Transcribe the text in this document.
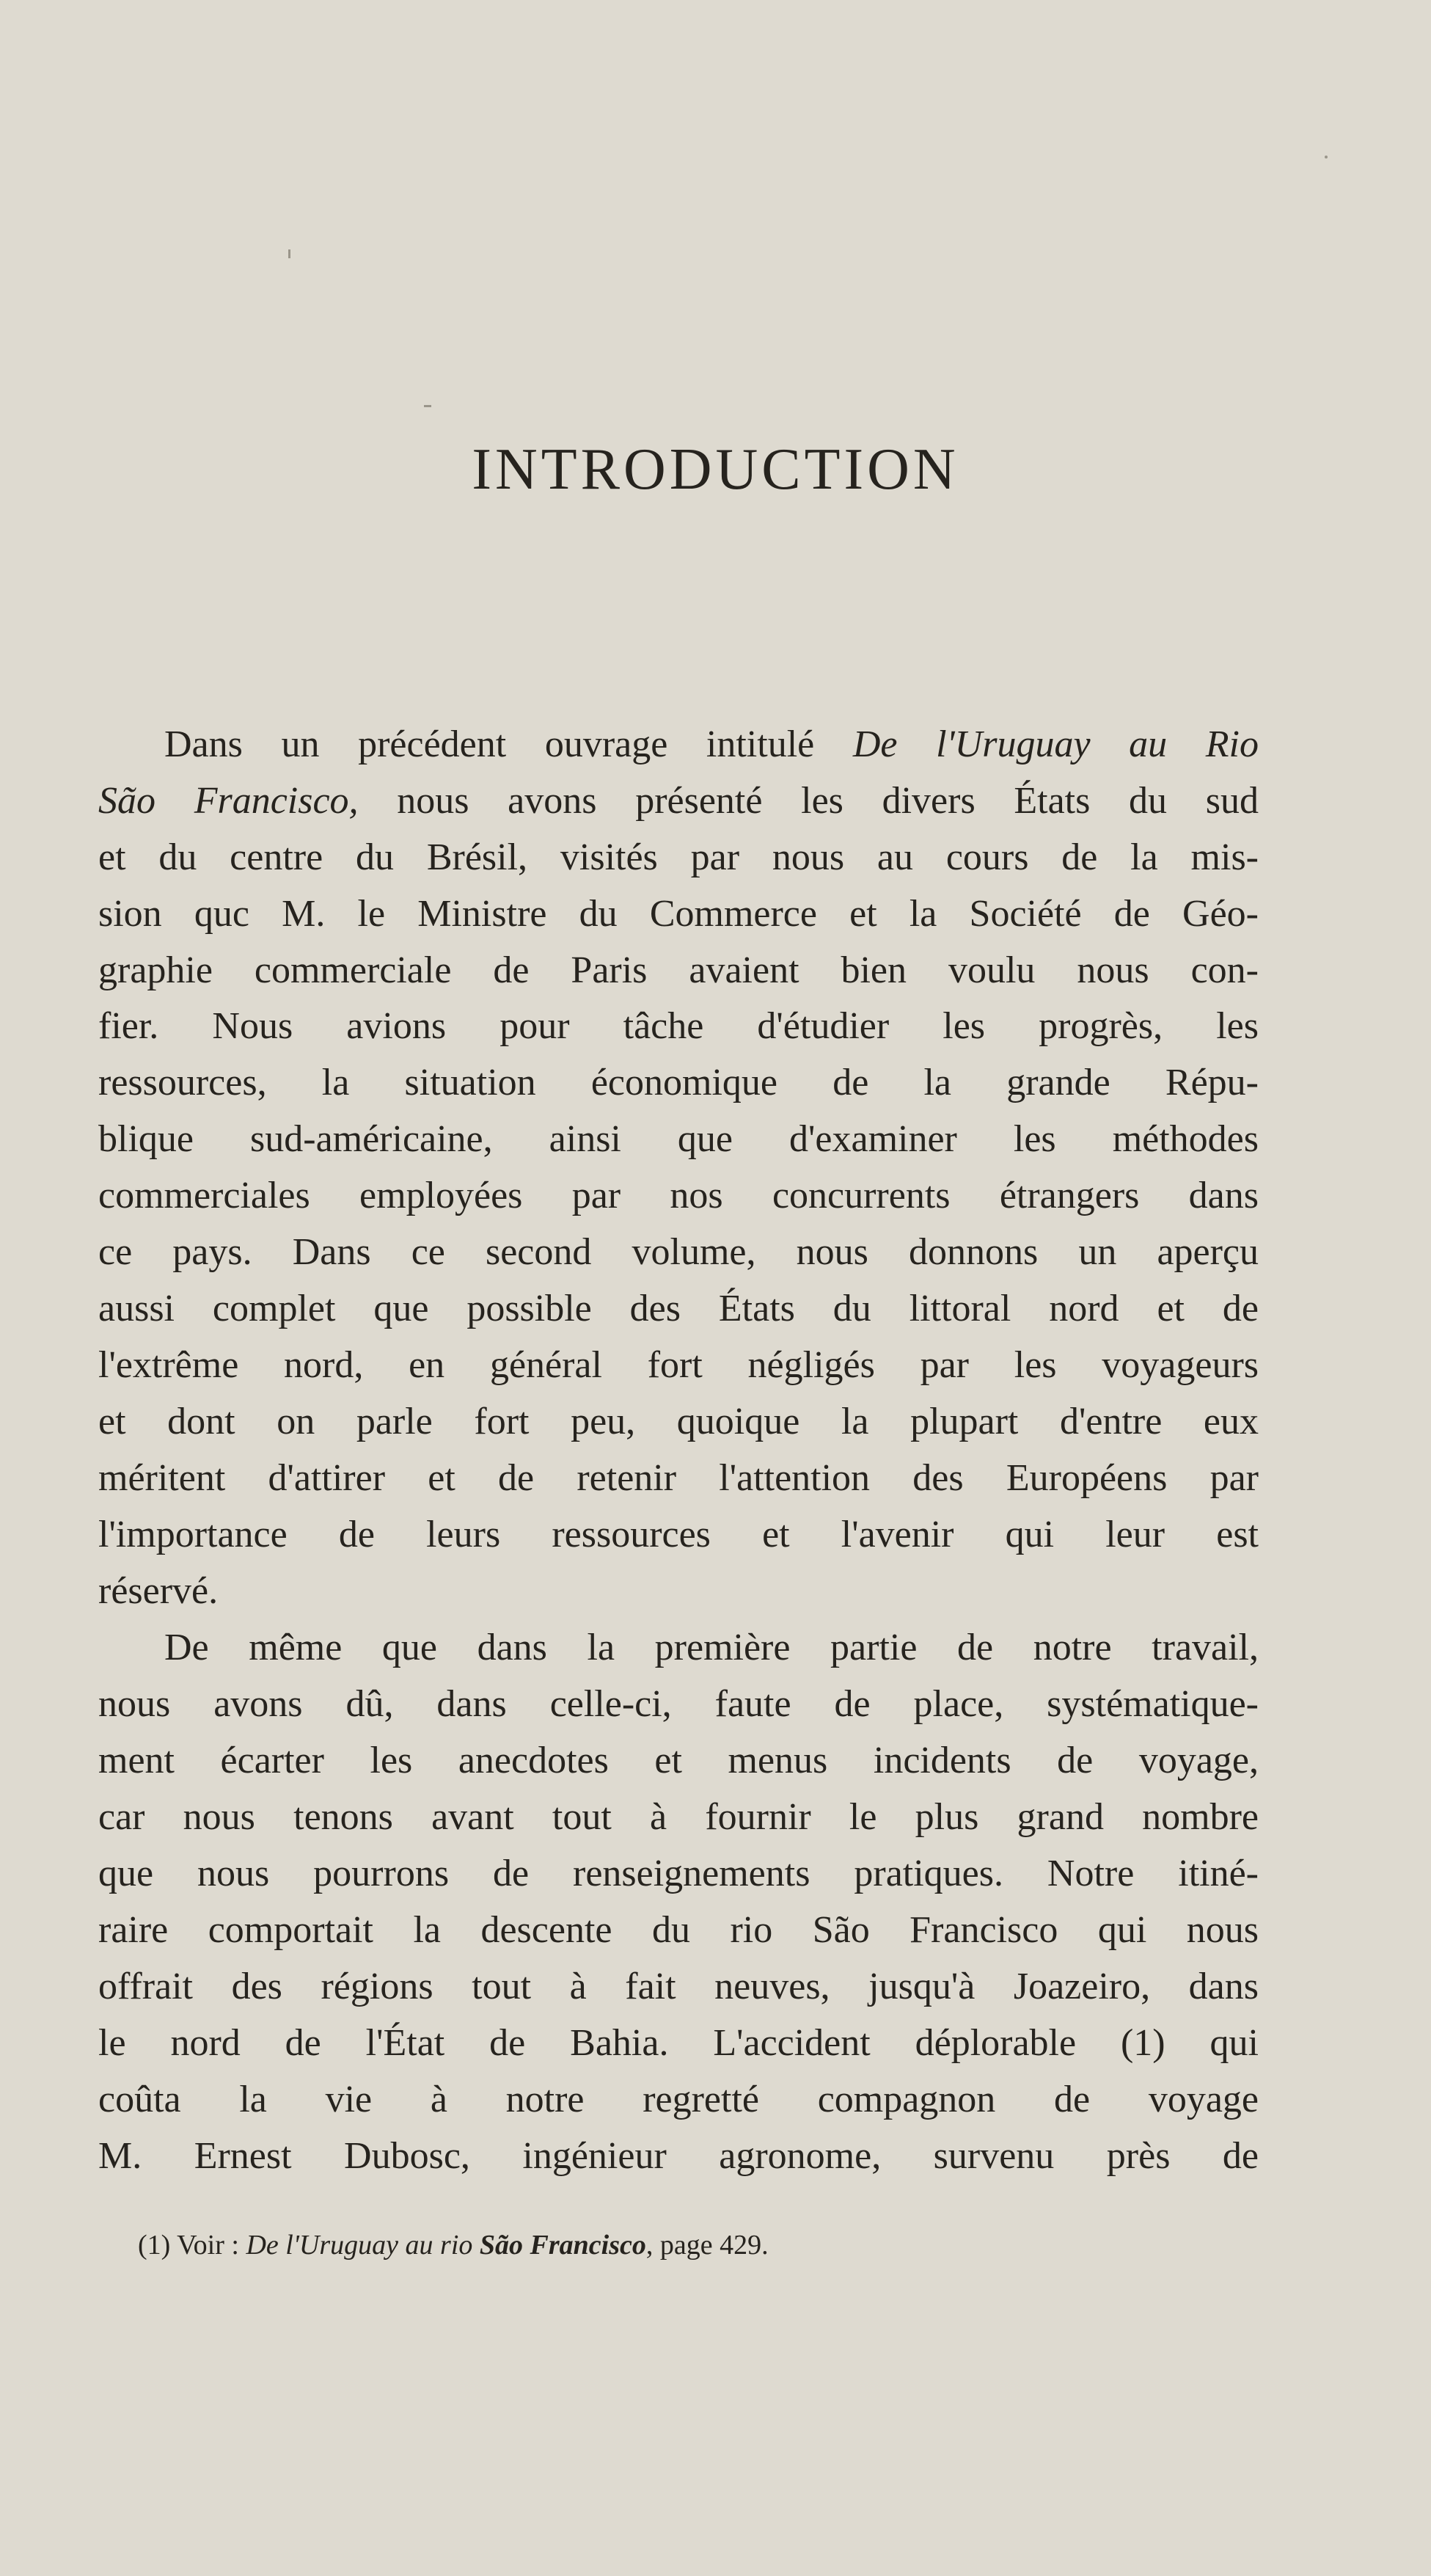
INTRODUCTION
Dans un précédent ouvrage intitulé De l'Uruguay au Rio
São Francisco, nous avons présenté les divers États du sud
et du centre du Brésil, visités par nous au cours de la mis-
sion quc M. le Ministre du Commerce et la Société de Géo-
graphie commerciale de Paris avaient bien voulu nous con-
fier. Nous avions pour tâche d'étudier les progrès, les
ressources, la situation économique de la grande Répu-
blique sud-américaine, ainsi que d'examiner les méthodes
commerciales employées par nos concurrents étrangers dans
ce pays. Dans ce second volume, nous donnons un aperçu
aussi complet que possible des États du littoral nord et de
l'extrême nord, en général fort négligés par les voyageurs
et dont on parle fort peu, quoique la plupart d'entre eux
méritent d'attirer et de retenir l'attention des Européens par
l'importance de leurs ressources et l'avenir qui leur est
réservé.
De même que dans la première partie de notre travail,
nous avons dû, dans celle-ci, faute de place, systématique-
ment écarter les anecdotes et menus incidents de voyage,
car nous tenons avant tout à fournir le plus grand nombre
que nous pourrons de renseignements pratiques. Notre itiné-
raire comportait la descente du rio São Francisco qui nous
offrait des régions tout à fait neuves, jusqu'à Joazeiro, dans
le nord de l'État de Bahia. L'accident déplorable (1) qui
coûta la vie à notre regretté compagnon de voyage
M. Ernest Dubosc, ingénieur agronome, survenu près de
(1) Voir : De l'Uruguay au rio São Francisco, page 429.
